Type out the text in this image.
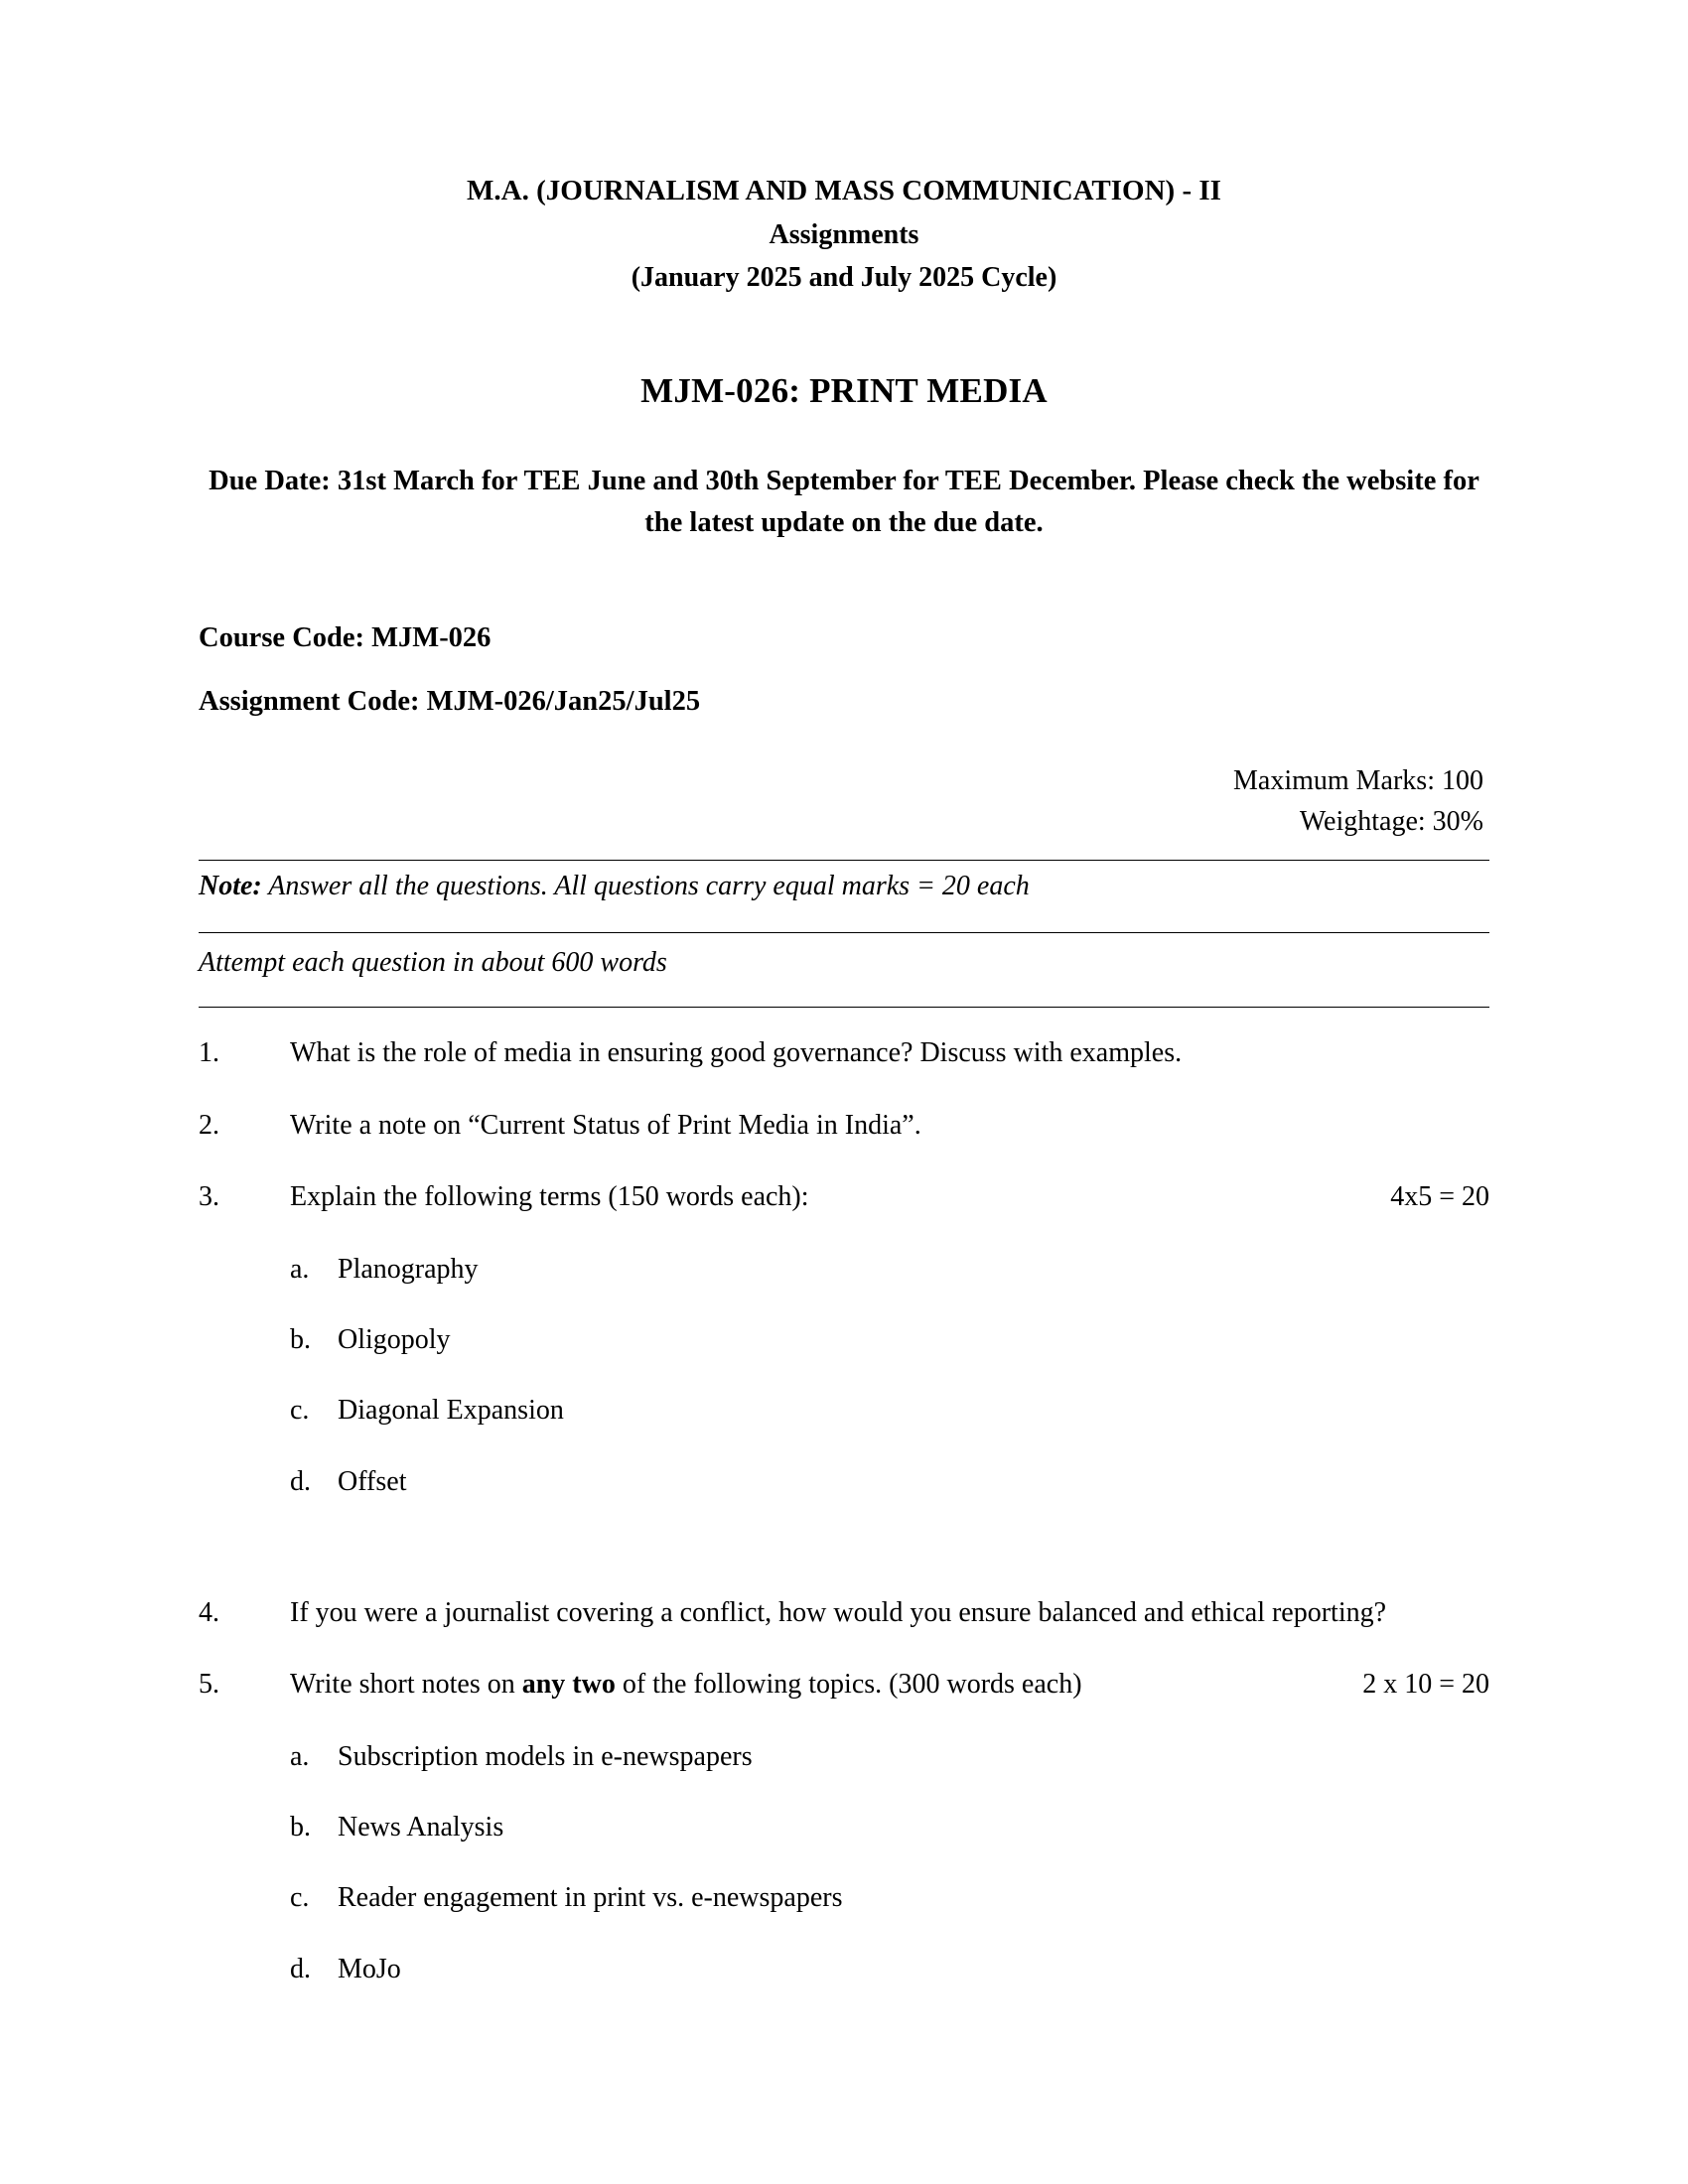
M.A. (JOURNALISM AND MASS COMMUNICATION) - II
Assignments
(January 2025 and July 2025 Cycle)
MJM-026: PRINT MEDIA
Due Date: 31st March for TEE June and 30th September for TEE December. Please check the website for the latest update on the due date.
Course Code: MJM-026
Assignment Code: MJM-026/Jan25/Jul25
Maximum Marks: 100
Weightage: 30%
Note: Answer all the questions. All questions carry equal marks = 20 each
Attempt each question in about 600 words
1.	What is the role of media in ensuring good governance? Discuss with examples.
2.	Write a note on “Current Status of Print Media in India”.
3.	Explain the following terms (150 words each):	4x5 = 20
a.	Planography
b. Oligopoly
c.	Diagonal Expansion
d. Offset
4.	If you were a journalist covering a conflict, how would you ensure balanced and ethical reporting?
5.	Write short notes on any two of the following topics. (300 words each)	2 x 10 = 20
a.	Subscription models in e-newspapers
b. News Analysis
c.	Reader engagement in print vs. e-newspapers
d. MoJo
